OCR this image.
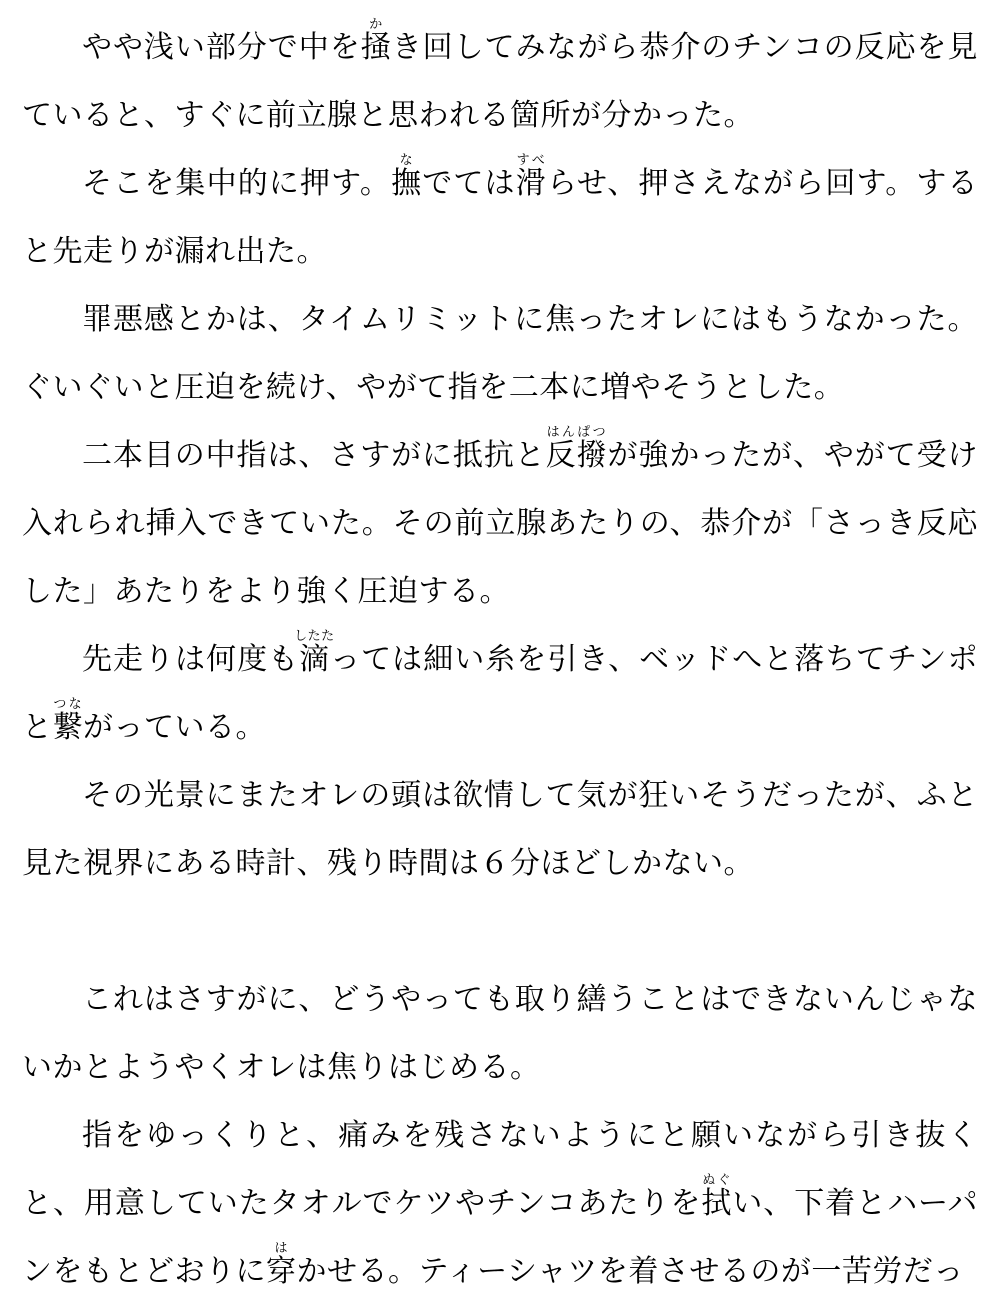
やや浅い部分で中を掻かき回してみながら恭介のチンコの反応を見ていると、すぐに前立腺と思われる箇所が分かった。

そこを集中的に押す。撫なでては滑すべらせ、押さえながら回す。すると先走りが漏れ出た。

罪悪感とかは、タイムリミットに焦ったオレにはもうなかった。ぐいぐいと圧迫を続け、やがて指を二本に増やそうとした。

二本目の中指は、さすがに抵抗と反撥はんぱつが強かったが、やがて受け入れられ挿入できていた。その前立腺あたりの、恭介が「さっき反応した」あたりをより強く圧迫する。

先走りは何度も滴したたっては細い糸を引き、ベッドへと落ちてチンポと繋つながっている。

その光景にまたオレの頭は欲情して気が狂いそうだったが、ふと見た視界にある時計、残り時間は６分ほどしかない。

これはさすがに、どうやっても取り繕うことはできないんじゃないかとようやくオレは焦りはじめる。

指をゆっくりと、痛みを残さないようにと願いながら引き抜くと、用意していたタオルでケツやチンコあたりを拭ぬぐい、下着とハーパンをもとどおりに穿はかせる。ティーシャツを着させるのが一苦労だっ
